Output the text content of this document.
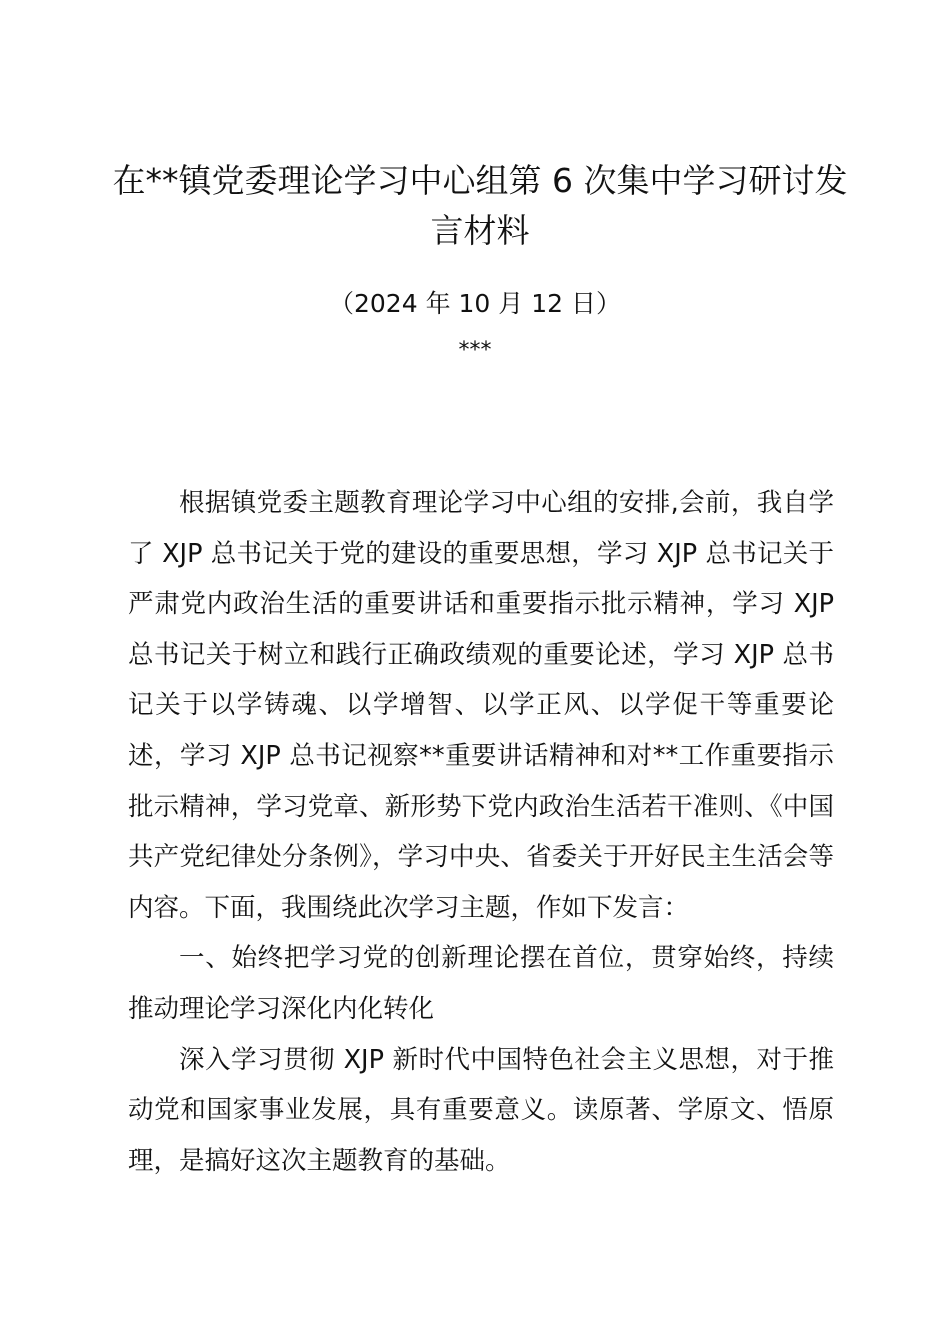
在**镇党委理论学习中心组第 6 次集中学习研讨发言材料

（2024 年 10 月 12 日）

***

根据镇党委主题教育理论学习中心组的安排,会前，我自学了 XJP 总书记关于党的建设的重要思想，学习 XJP 总书记关于严肃党内政治生活的重要讲话和重要指示批示精神，学习 XJP 总书记关于树立和践行正确政绩观的重要论述，学习 XJP 总书记关于以学铸魂、以学增智、以学正风、以学促干等重要论述，学习 XJP 总书记视察**重要讲话精神和对**工作重要指示批示精神，学习党章、新形势下党内政治生活若干准则、《中国共产党纪律处分条例》，学习中央、省委关于开好民主生活会等内容。下面，我围绕此次学习主题，作如下发言：

一、始终把学习党的创新理论摆在首位，贯穿始终，持续推动理论学习深化内化转化

深入学习贯彻 XJP 新时代中国特色社会主义思想，对于推动党和国家事业发展，具有重要意义。读原著、学原文、悟原理，是搞好这次主题教育的基础。
